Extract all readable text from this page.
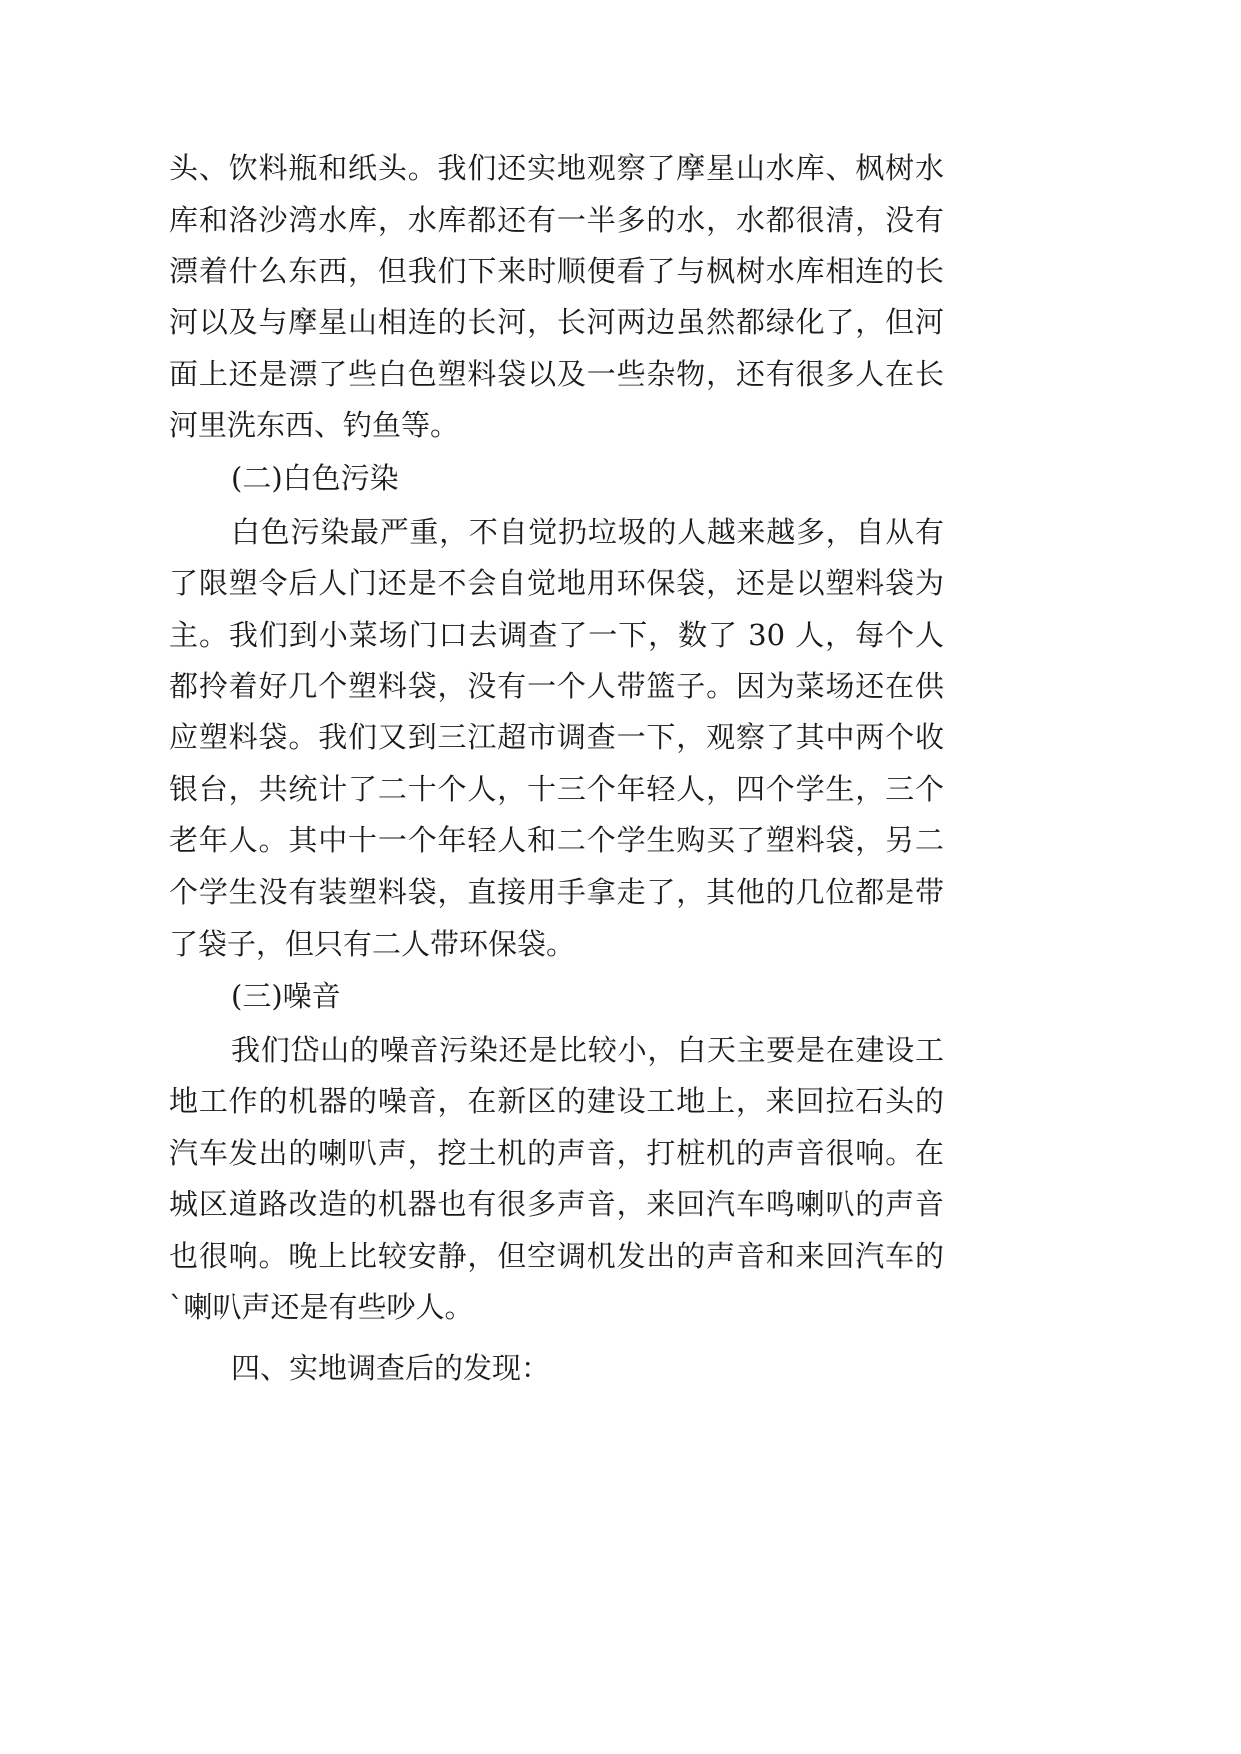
头、饮料瓶和纸头。我们还实地观察了摩星山水库、枫树水

库和洛沙湾水库，水库都还有一半多的水，水都很清，没有

漂着什么东西，但我们下来时顺便看了与枫树水库相连的长

河以及与摩星山相连的长河，长河两边虽然都绿化了，但河

面上还是漂了些白色塑料袋以及一些杂物，还有很多人在长

河里洗东西、钓鱼等。

(二)白色污染

白色污染最严重，不自觉扔垃圾的人越来越多，自从有

了限塑令后人门还是不会自觉地用环保袋，还是以塑料袋为

主。我们到小菜场门口去调查了一下，数了 30 人，每个人

都拎着好几个塑料袋，没有一个人带篮子。因为菜场还在供

应塑料袋。我们又到三江超市调查一下，观察了其中两个收

银台，共统计了二十个人，十三个年轻人，四个学生，三个

老年人。其中十一个年轻人和二个学生购买了塑料袋，另二

个学生没有装塑料袋，直接用手拿走了，其他的几位都是带

了袋子，但只有二人带环保袋。

(三)噪音

我们岱山的噪音污染还是比较小，白天主要是在建设工

地工作的机器的噪音，在新区的建设工地上，来回拉石头的

汽车发出的喇叭声，挖土机的声音，打桩机的声音很响。在

城区道路改造的机器也有很多声音，来回汽车鸣喇叭的声音

也很响。晚上比较安静，但空调机发出的声音和来回汽车的

`喇叭声还是有些吵人。

四、实地调查后的发现：
